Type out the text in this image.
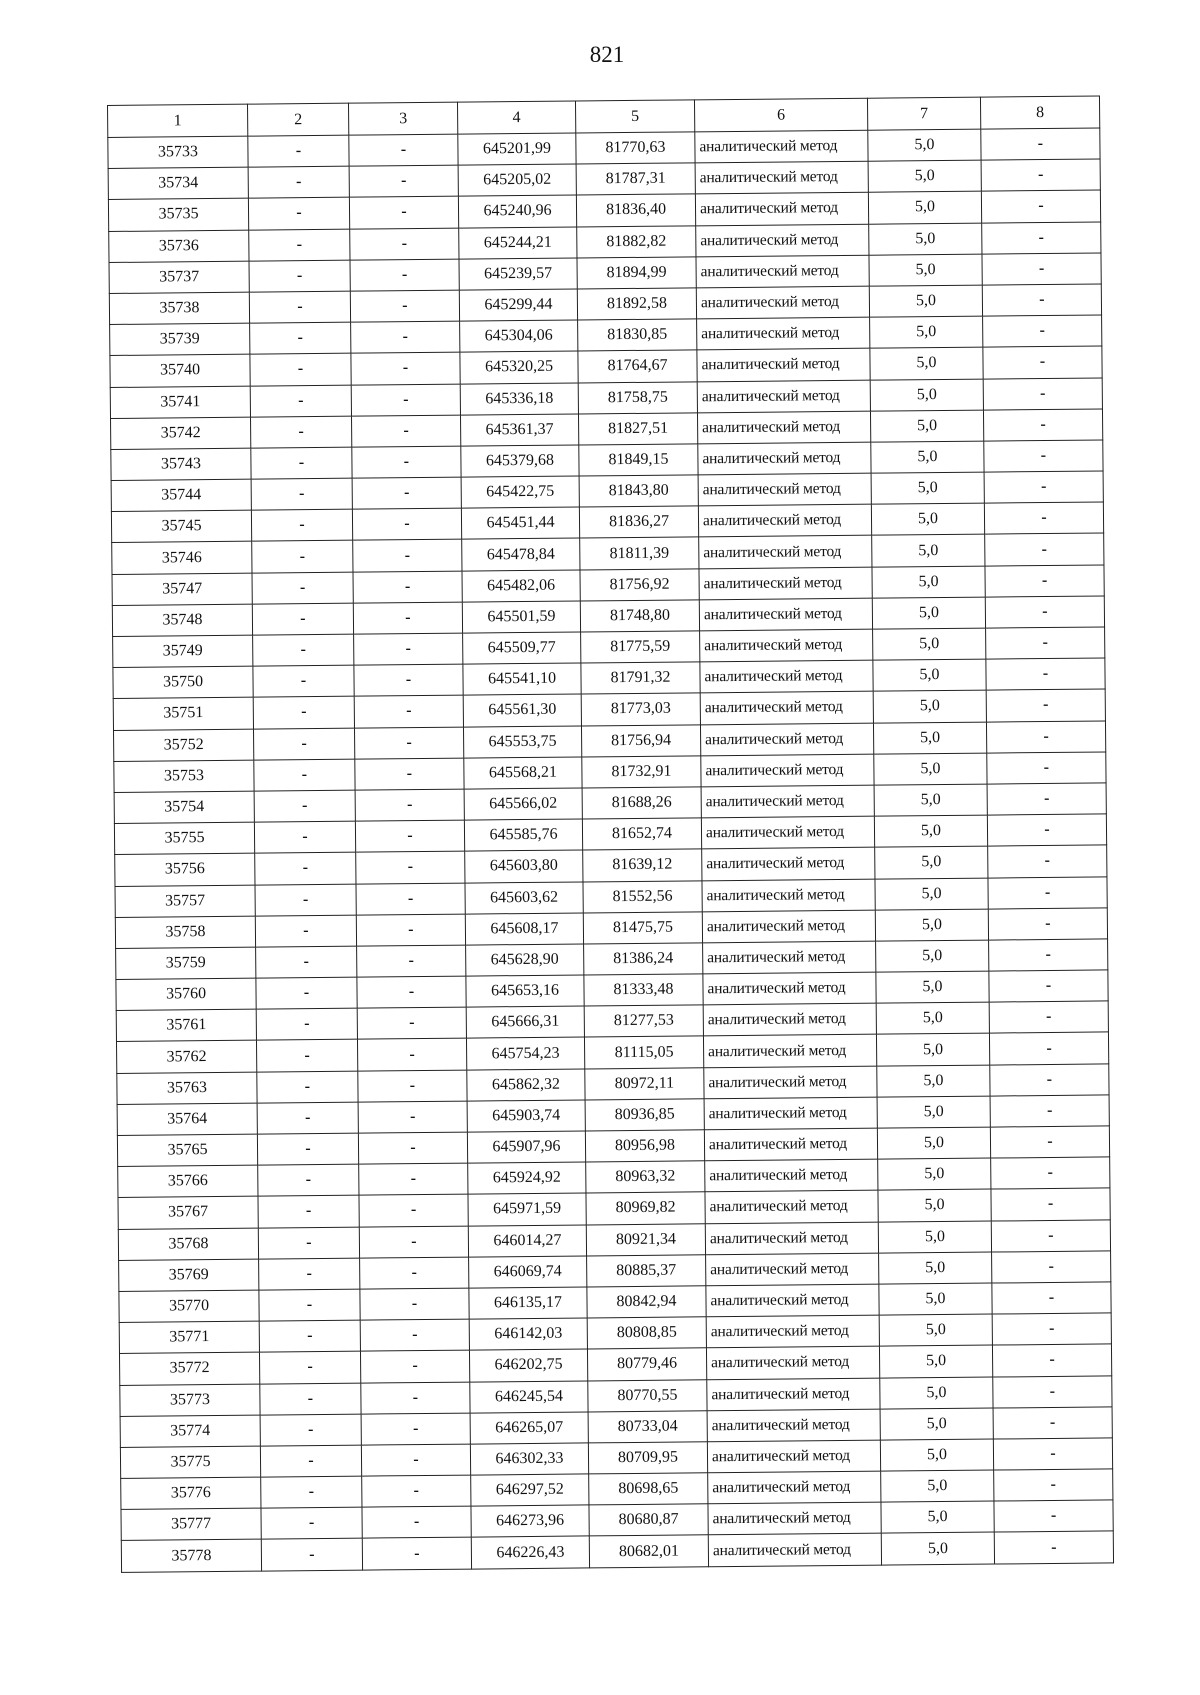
821
1	2	3	4	5	6	7	8
35733	-	-	645201,99	81770,63	аналитический метод	5,0	-
35734	-	-	645205,02	81787,31	аналитический метод	5,0	-
35735	-	-	645240,96	81836,40	аналитический метод	5,0	-
35736	-	-	645244,21	81882,82	аналитический метод	5,0	-
35737	-	-	645239,57	81894,99	аналитический метод	5,0	-
35738	-	-	645299,44	81892,58	аналитический метод	5,0	-
35739	-	-	645304,06	81830,85	аналитический метод	5,0	-
35740	-	-	645320,25	81764,67	аналитический метод	5,0	-
35741	-	-	645336,18	81758,75	аналитический метод	5,0	-
35742	-	-	645361,37	81827,51	аналитический метод	5,0	-
35743	-	-	645379,68	81849,15	аналитический метод	5,0	-
35744	-	-	645422,75	81843,80	аналитический метод	5,0	-
35745	-	-	645451,44	81836,27	аналитический метод	5,0	-
35746	-	-	645478,84	81811,39	аналитический метод	5,0	-
35747	-	-	645482,06	81756,92	аналитический метод	5,0	-
35748	-	-	645501,59	81748,80	аналитический метод	5,0	-
35749	-	-	645509,77	81775,59	аналитический метод	5,0	-
35750	-	-	645541,10	81791,32	аналитический метод	5,0	-
35751	-	-	645561,30	81773,03	аналитический метод	5,0	-
35752	-	-	645553,75	81756,94	аналитический метод	5,0	-
35753	-	-	645568,21	81732,91	аналитический метод	5,0	-
35754	-	-	645566,02	81688,26	аналитический метод	5,0	-
35755	-	-	645585,76	81652,74	аналитический метод	5,0	-
35756	-	-	645603,80	81639,12	аналитический метод	5,0	-
35757	-	-	645603,62	81552,56	аналитический метод	5,0	-
35758	-	-	645608,17	81475,75	аналитический метод	5,0	-
35759	-	-	645628,90	81386,24	аналитический метод	5,0	-
35760	-	-	645653,16	81333,48	аналитический метод	5,0	-
35761	-	-	645666,31	81277,53	аналитический метод	5,0	-
35762	-	-	645754,23	81115,05	аналитический метод	5,0	-
35763	-	-	645862,32	80972,11	аналитический метод	5,0	-
35764	-	-	645903,74	80936,85	аналитический метод	5,0	-
35765	-	-	645907,96	80956,98	аналитический метод	5,0	-
35766	-	-	645924,92	80963,32	аналитический метод	5,0	-
35767	-	-	645971,59	80969,82	аналитический метод	5,0	-
35768	-	-	646014,27	80921,34	аналитический метод	5,0	-
35769	-	-	646069,74	80885,37	аналитический метод	5,0	-
35770	-	-	646135,17	80842,94	аналитический метод	5,0	-
35771	-	-	646142,03	80808,85	аналитический метод	5,0	-
35772	-	-	646202,75	80779,46	аналитический метод	5,0	-
35773	-	-	646245,54	80770,55	аналитический метод	5,0	-
35774	-	-	646265,07	80733,04	аналитический метод	5,0	-
35775	-	-	646302,33	80709,95	аналитический метод	5,0	-
35776	-	-	646297,52	80698,65	аналитический метод	5,0	-
35777	-	-	646273,96	80680,87	аналитический метод	5,0	-
35778	-	-	646226,43	80682,01	аналитический метод	5,0	-
